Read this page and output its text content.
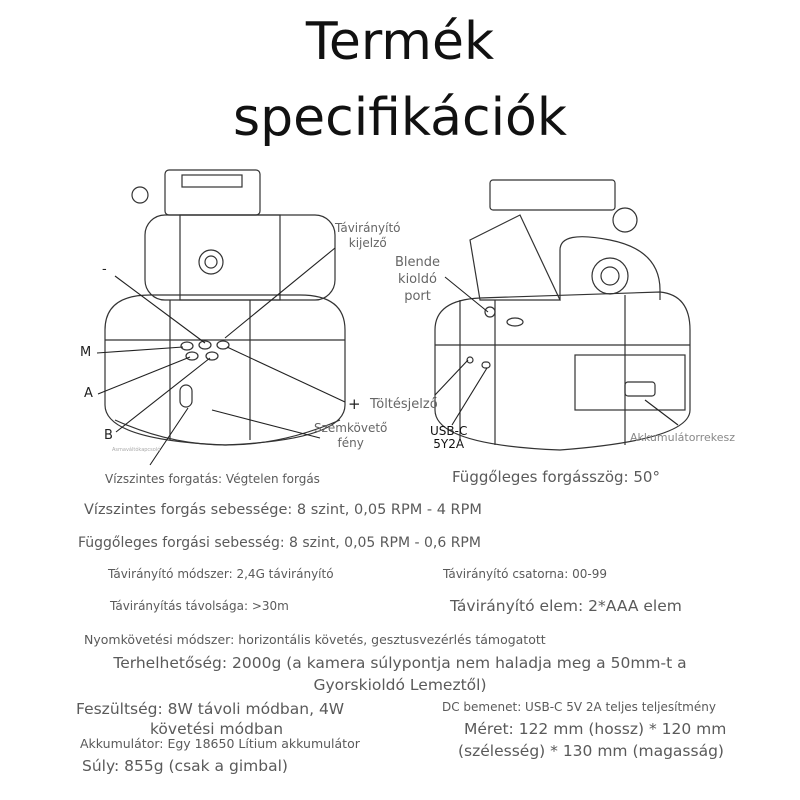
Termék
specifikációk
Távirányító
kijelző
-
M
A
B
+ Töltésjelző
Szemkövető
fény
Asmaváltókapcsoló
Blende
kioldó
port
USB-C
5Y2A	Akkumulátorrekesz
Vízszintes forgatás: Végtelen forgás	Függőleges forgásszög: 50°
Vízszintes forgás sebessége: 8 szint, 0,05 RPM - 4 RPM
Függőleges forgási sebesség: 8 szint, 0,05 RPM - 0,6 RPM
Távirányító módszer: 2,4G távirányító	Távirányító csatorna: 00-99
Távirányítás távolsága: >30m	Távirányító elem: 2*AAA elem
Nyomkövetési módszer: horizontális követés, gesztusvezérlés támogatott
Terhelhetőség: 2000g (a kamera súlypontja nem haladja meg a 50mm-t a
Gyorskioldó Lemeztől)
Feszültség: 8W távoli módban, 4W
követési módban
DC bemenet: USB-C 5V 2A teljes teljesítmény
Méret: 122 mm (hossz) * 120 mm
(szélesség) * 130 mm (magasság)
Akkumulátor: Egy 18650 Lítium akkumulátor
Súly: 855g (csak a gimbal)
